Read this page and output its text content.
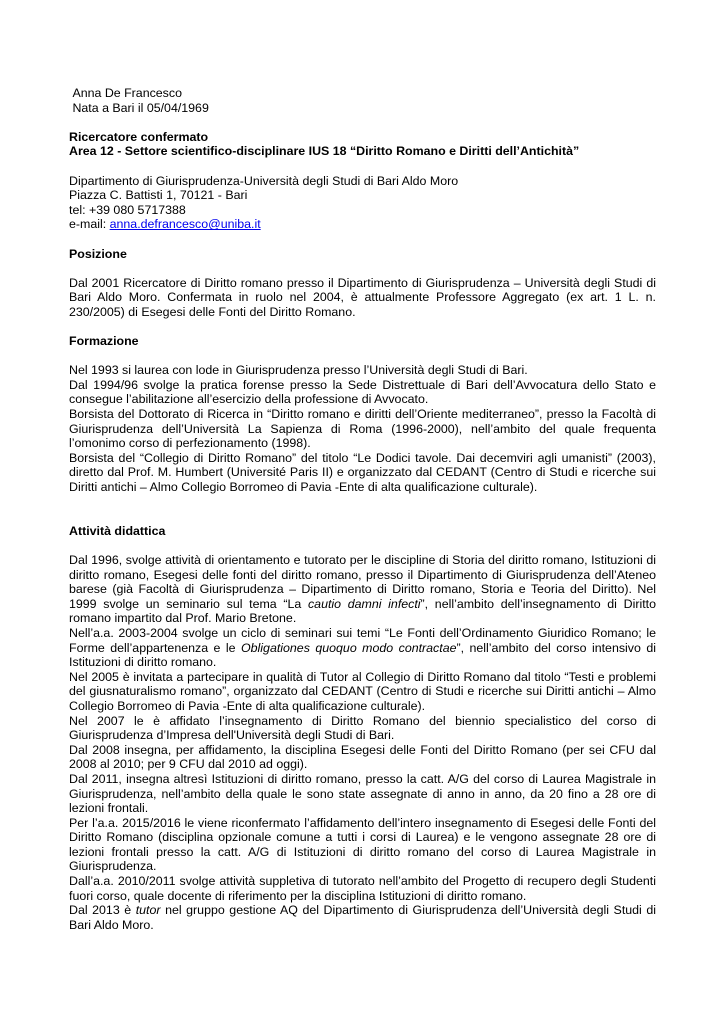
Anna De Francesco
Nata a Bari il 05/04/1969
Ricercatore confermato
Area 12 - Settore scientifico-disciplinare IUS 18 “Diritto Romano e Diritti dell’Antichità”
Dipartimento di Giurisprudenza-Università degli Studi di Bari Aldo Moro
Piazza C. Battisti 1, 70121 - Bari
tel: +39 080 5717388
e-mail: anna.defrancesco@uniba.it
Posizione

Dal 2001 Ricercatore di Diritto romano presso il Dipartimento di Giurisprudenza – Università degli Studi di Bari Aldo Moro. Confermata in ruolo nel 2004, è attualmente Professore Aggregato (ex art. 1 L. n. 230/2005) di Esegesi delle Fonti del Diritto Romano.

Formazione

Nel 1993 si laurea con lode in Giurisprudenza presso l’Università degli Studi di Bari.

Dal 1994/96 svolge la pratica forense presso la Sede Distrettuale di Bari dell’Avvocatura dello Stato e consegue l’abilitazione all’esercizio della professione di Avvocato.

Borsista del Dottorato di Ricerca in “Diritto romano e diritti dell’Oriente mediterraneo”, presso la Facoltà di Giurisprudenza dell’Università La Sapienza di Roma (1996-2000), nell’ambito del quale frequenta l’omonimo corso di perfezionamento (1998).

Borsista del “Collegio di Diritto Romano” del titolo “Le Dodici tavole. Dai decemviri agli umanisti” (2003), diretto dal Prof. M. Humbert (Université Paris II) e organizzato dal CEDANT (Centro di Studi e ricerche sui Diritti antichi – Almo Collegio Borromeo di Pavia -Ente di alta qualificazione culturale).

Attività didattica

Dal 1996, svolge attività di orientamento e tutorato per le discipline di Storia del diritto romano, Istituzioni di diritto romano, Esegesi delle fonti del diritto romano, presso il Dipartimento di Giurisprudenza dell’Ateneo barese (già Facoltà di Giurisprudenza – Dipartimento di Diritto romano, Storia e Teoria del Diritto). Nel 1999 svolge un seminario sul tema “La cautio damni infecti”, nell’ambito dell’insegnamento di Diritto romano impartito dal Prof. Mario Bretone.

Nell’a.a. 2003-2004 svolge un ciclo di seminari sui temi “Le Fonti dell’Ordinamento Giuridico Romano; le Forme dell’appartenenza e le Obligationes quoquo modo contractae”, nell’ambito del corso intensivo di Istituzioni di diritto romano.

Nel 2005 è invitata a partecipare in qualità di Tutor al Collegio di Diritto Romano dal titolo “Testi e problemi del giusnaturalismo romano”, organizzato dal CEDANT (Centro di Studi e ricerche sui Diritti antichi – Almo Collegio Borromeo di Pavia -Ente di alta qualificazione culturale).

Nel 2007 le è affidato l’insegnamento di Diritto Romano del biennio specialistico del corso di Giurisprudenza d’Impresa dell'Università degli Studi di Bari.

Dal 2008 insegna, per affidamento, la disciplina Esegesi delle Fonti del Diritto Romano (per sei CFU dal 2008 al 2010; per 9 CFU dal 2010 ad oggi).

Dal 2011, insegna altresì Istituzioni di diritto romano, presso la catt. A/G del corso di Laurea Magistrale in Giurisprudenza, nell’ambito della quale le sono state assegnate di anno in anno, da 20 fino a 28 ore di lezioni frontali.

Per l’a.a. 2015/2016 le viene riconfermato l’affidamento dell’intero insegnamento di Esegesi delle Fonti del Diritto Romano (disciplina opzionale comune a tutti i corsi di Laurea) e le vengono assegnate 28 ore di lezioni frontali presso la catt. A/G di Istituzioni di diritto romano del corso di Laurea Magistrale in Giurisprudenza.

Dall’a.a. 2010/2011 svolge attività suppletiva di tutorato nell’ambito del Progetto di recupero degli Studenti fuori corso, quale docente di riferimento per la disciplina Istituzioni di diritto romano.

Dal 2013 è tutor nel gruppo gestione AQ del Dipartimento di Giurisprudenza dell’Università degli Studi di Bari Aldo Moro.
